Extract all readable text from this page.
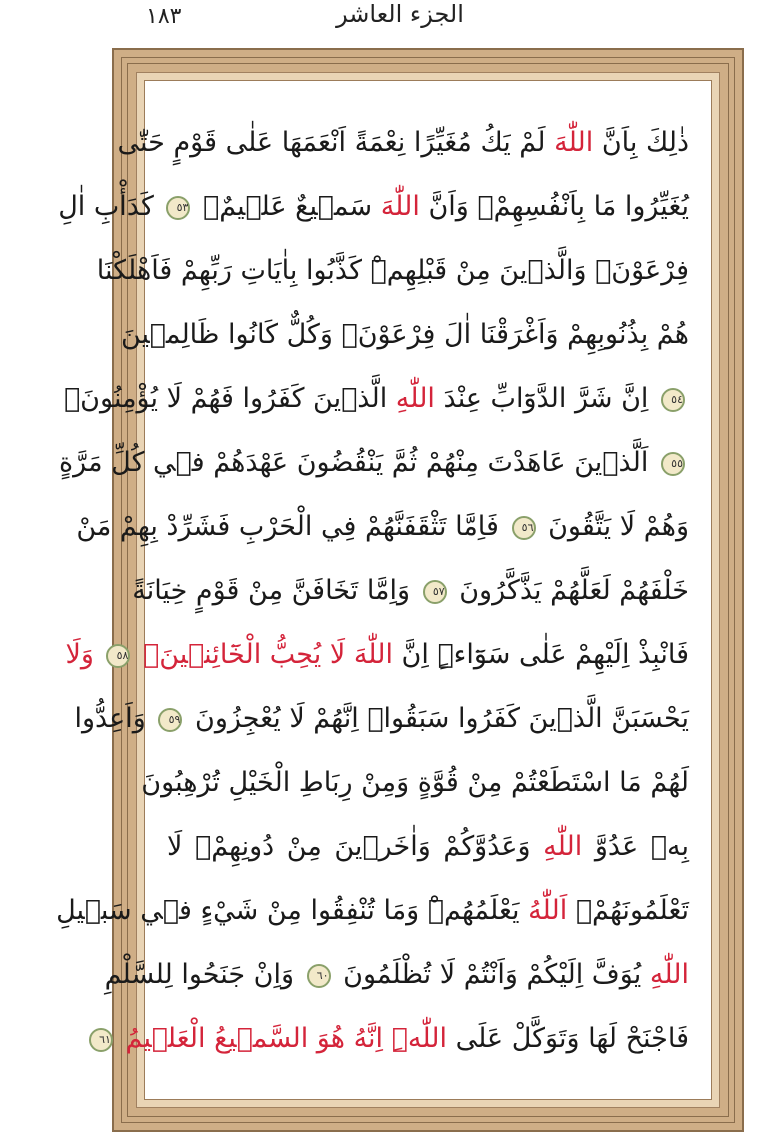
١٨٣	الجزء العاشر
ذٰلِكَ بِاَنَّ اللّٰهَ لَمْ يَكُ مُغَيِّرًا نِعْمَةً اَنْعَمَهَا عَلٰى قَوْمٍ حَتّٰى
يُغَيِّرُوا مَا بِاَنْفُسِهِمْۙ وَاَنَّ اللّٰهَ سَم۪يعٌ عَل۪يمٌۙ ٥٣ كَدَأْبِ اٰلِ
فِرْعَوْنَۙ وَالَّذ۪ينَ مِنْ قَبْلِهِمْۜ كَذَّبُوا بِاٰيَاتِ رَبِّهِمْ فَاَهْلَكْنَا
هُمْ بِذُنُوبِهِمْ وَاَغْرَقْنَا اٰلَ فِرْعَوْنَۚ وَكُلٌّ كَانُوا ظَالِم۪ينَ
٥٤ اِنَّ شَرَّ الدَّوَٓابِّ عِنْدَ اللّٰهِ الَّذ۪ينَ كَفَرُوا فَهُمْ لَا يُؤْمِنُونَۚ
٥٥ اَلَّذ۪ينَ عَاهَدْتَ مِنْهُمْ ثُمَّ يَنْقُضُونَ عَهْدَهُمْ ف۪ي كُلِّ مَرَّةٍ
وَهُمْ لَا يَتَّقُونَ ٥٦ فَاِمَّا تَثْقَفَنَّهُمْ فِي الْحَرْبِ فَشَرِّدْ بِهِمْ مَنْ
خَلْفَهُمْ لَعَلَّهُمْ يَذَّكَّرُونَ ٥٧ وَاِمَّا تَخَافَنَّ مِنْ قَوْمٍ خِيَانَةً
فَانْبِذْ اِلَيْهِمْ عَلٰى سَوَٓاءٍۜ اِنَّ اللّٰهَ لَا يُحِبُّ الْخَٓائِن۪ينَۚ ٥٨ وَلَا
يَحْسَبَنَّ الَّذ۪ينَ كَفَرُوا سَبَقُواۜ اِنَّهُمْ لَا يُعْجِزُونَ ٥٩ وَاَعِدُّوا
لَهُمْ مَا اسْتَطَعْتُمْ مِنْ قُوَّةٍ وَمِنْ رِبَاطِ الْخَيْلِ تُرْهِبُونَ
بِه۪ عَدُوَّ اللّٰهِ وَعَدُوَّكُمْ وَاٰخَر۪ينَ مِنْ دُونِهِمْۚ لَا
تَعْلَمُونَهُمْۚ اَللّٰهُ يَعْلَمُهُمْۜ وَمَا تُنْفِقُوا مِنْ شَيْءٍ ف۪ي سَب۪يلِ
اللّٰهِ يُوَفَّ اِلَيْكُمْ وَاَنْتُمْ لَا تُظْلَمُونَ ٦٠ وَاِنْ جَنَحُوا لِلسَّلْمِ
فَاجْنَحْ لَهَا وَتَوَكَّلْ عَلَى اللّٰهِۜ اِنَّهُ هُوَ السَّم۪يعُ الْعَل۪يمُ ٦١
